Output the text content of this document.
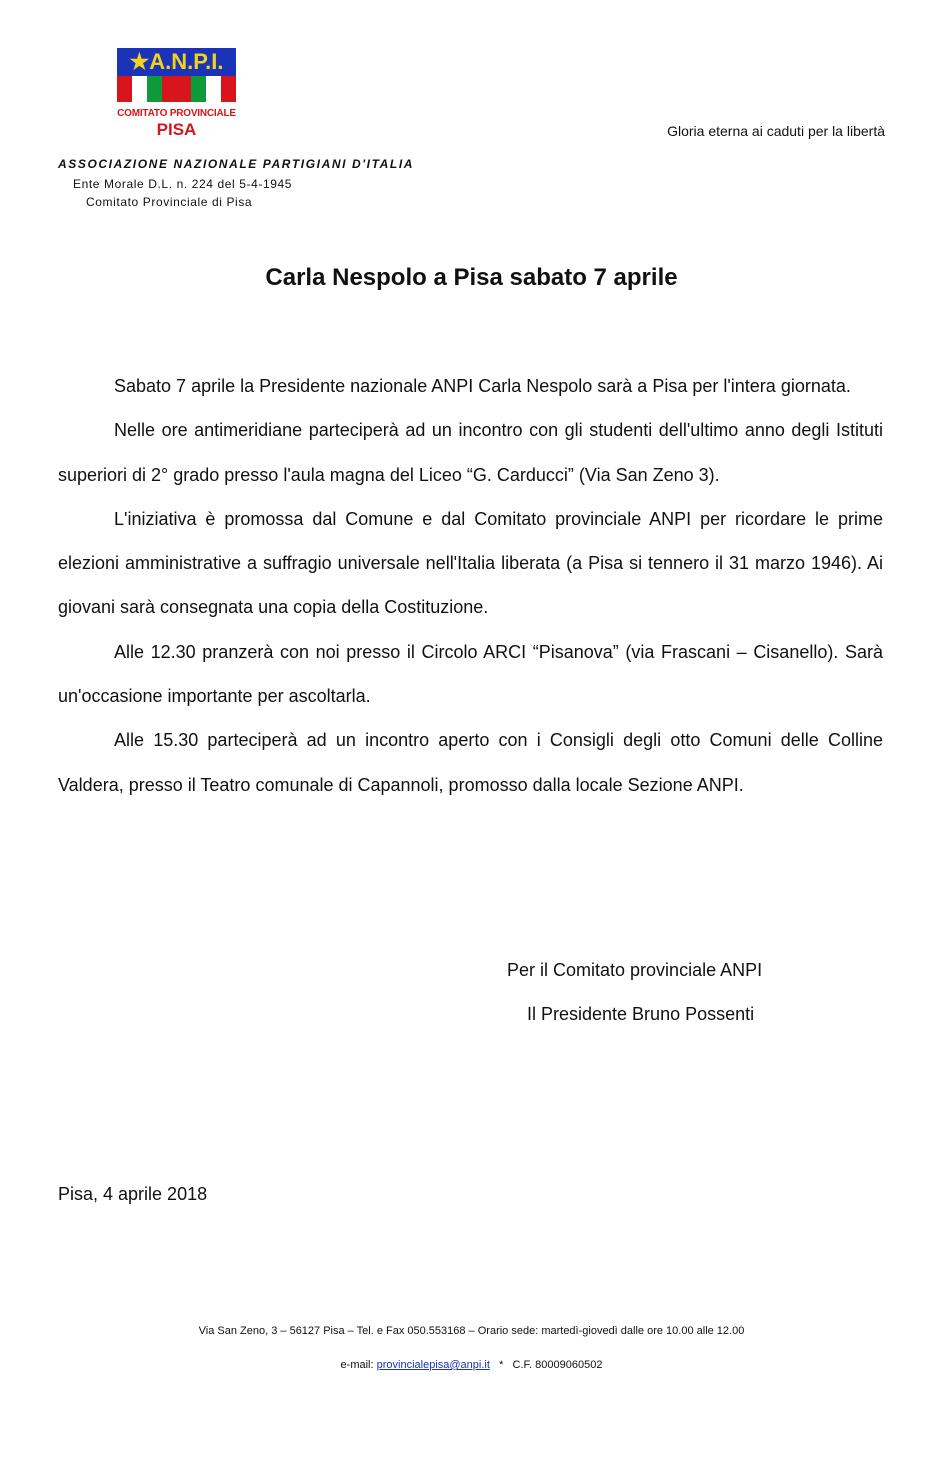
★A.N.P.I.
COMITATO PROVINCIALE
PISA
ASSOCIAZIONE NAZIONALE PARTIGIANI D'ITALIA
Ente Morale D.L. n. 224 del 5-4-1945
Comitato Provinciale di Pisa
Gloria eterna ai caduti per la libertà
Carla Nespolo a Pisa sabato 7 aprile

Sabato 7 aprile la Presidente nazionale ANPI Carla Nespolo sarà a Pisa per l'intera giornata.

Nelle ore antimeridiane parteciperà ad un incontro con gli studenti dell'ultimo anno degli Istituti superiori di 2° grado presso l'aula magna del Liceo “G. Carducci” (Via San Zeno 3).

L'iniziativa è promossa dal Comune e dal Comitato provinciale ANPI per ricordare le prime elezioni amministrative a suffragio universale nell'Italia liberata (a Pisa si tennero il 31 marzo 1946). Ai giovani sarà consegnata una copia della Costituzione.

Alle 12.30 pranzerà con noi presso il Circolo ARCI “Pisanova” (via Frascani – Cisanello). Sarà un'occasione importante per ascoltarla.

Alle 15.30 parteciperà ad un incontro aperto con i Consigli degli otto Comuni delle Colline Valdera, presso il Teatro comunale di Capannoli, promosso dalla locale Sezione ANPI.

Per il Comitato provinciale ANPI
Il Presidente Bruno Possenti
Pisa, 4 aprile 2018
Via San Zeno, 3 – 56127 Pisa – Tel. e Fax 050.553168 – Orario sede: martedì-giovedì dalle ore 10.00 alle 12.00
e-mail: provincialepisa@anpi.it   *   C.F. 80009060502
